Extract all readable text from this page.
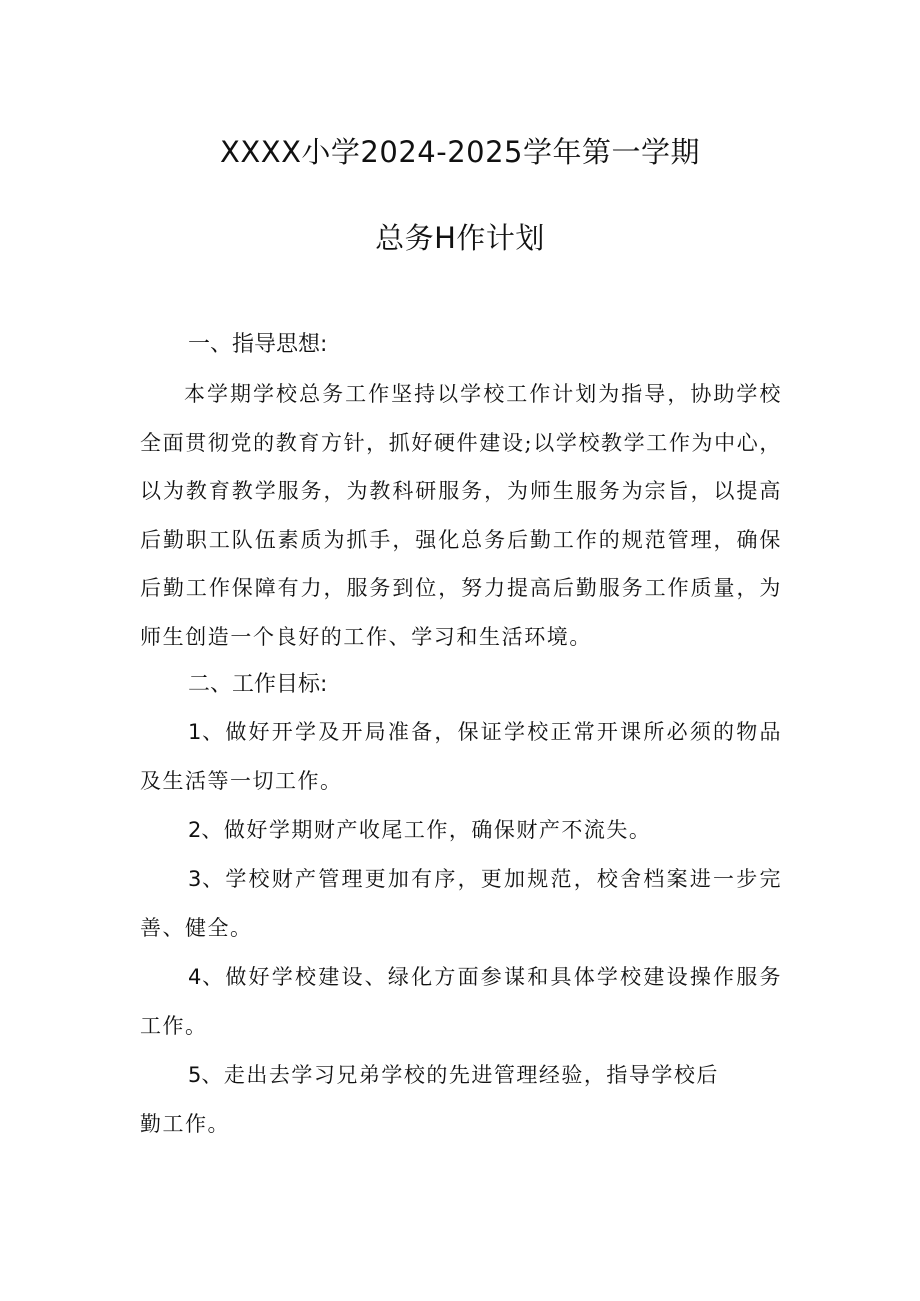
XXXX小学2024-2025学年第一学期
总务H作计划
一、指导思想:

本学期学校总务工作坚持以学校工作计划为指导，协助学校全面贯彻党的教育方针，抓好硬件建设;以学校教学工作为中心，以为教育教学服务，为教科研服务，为师生服务为宗旨，以提高后勤职工队伍素质为抓手，强化总务后勤工作的规范管理，确保后勤工作保障有力，服务到位，努力提高后勤服务工作质量，为师生创造一个良好的工作、学习和生活环境。

二、工作目标:

1、做好开学及开局准备，保证学校正常开课所必须的物品及生活等一切工作。

2、做好学期财产收尾工作，确保财产不流失。

3、学校财产管理更加有序，更加规范，校舍档案进一步完善、健全。

4、做好学校建设、绿化方面参谋和具体学校建设操作服务工作。

5、走出去学习兄弟学校的先进管理经验，指导学校后

勤工作。
